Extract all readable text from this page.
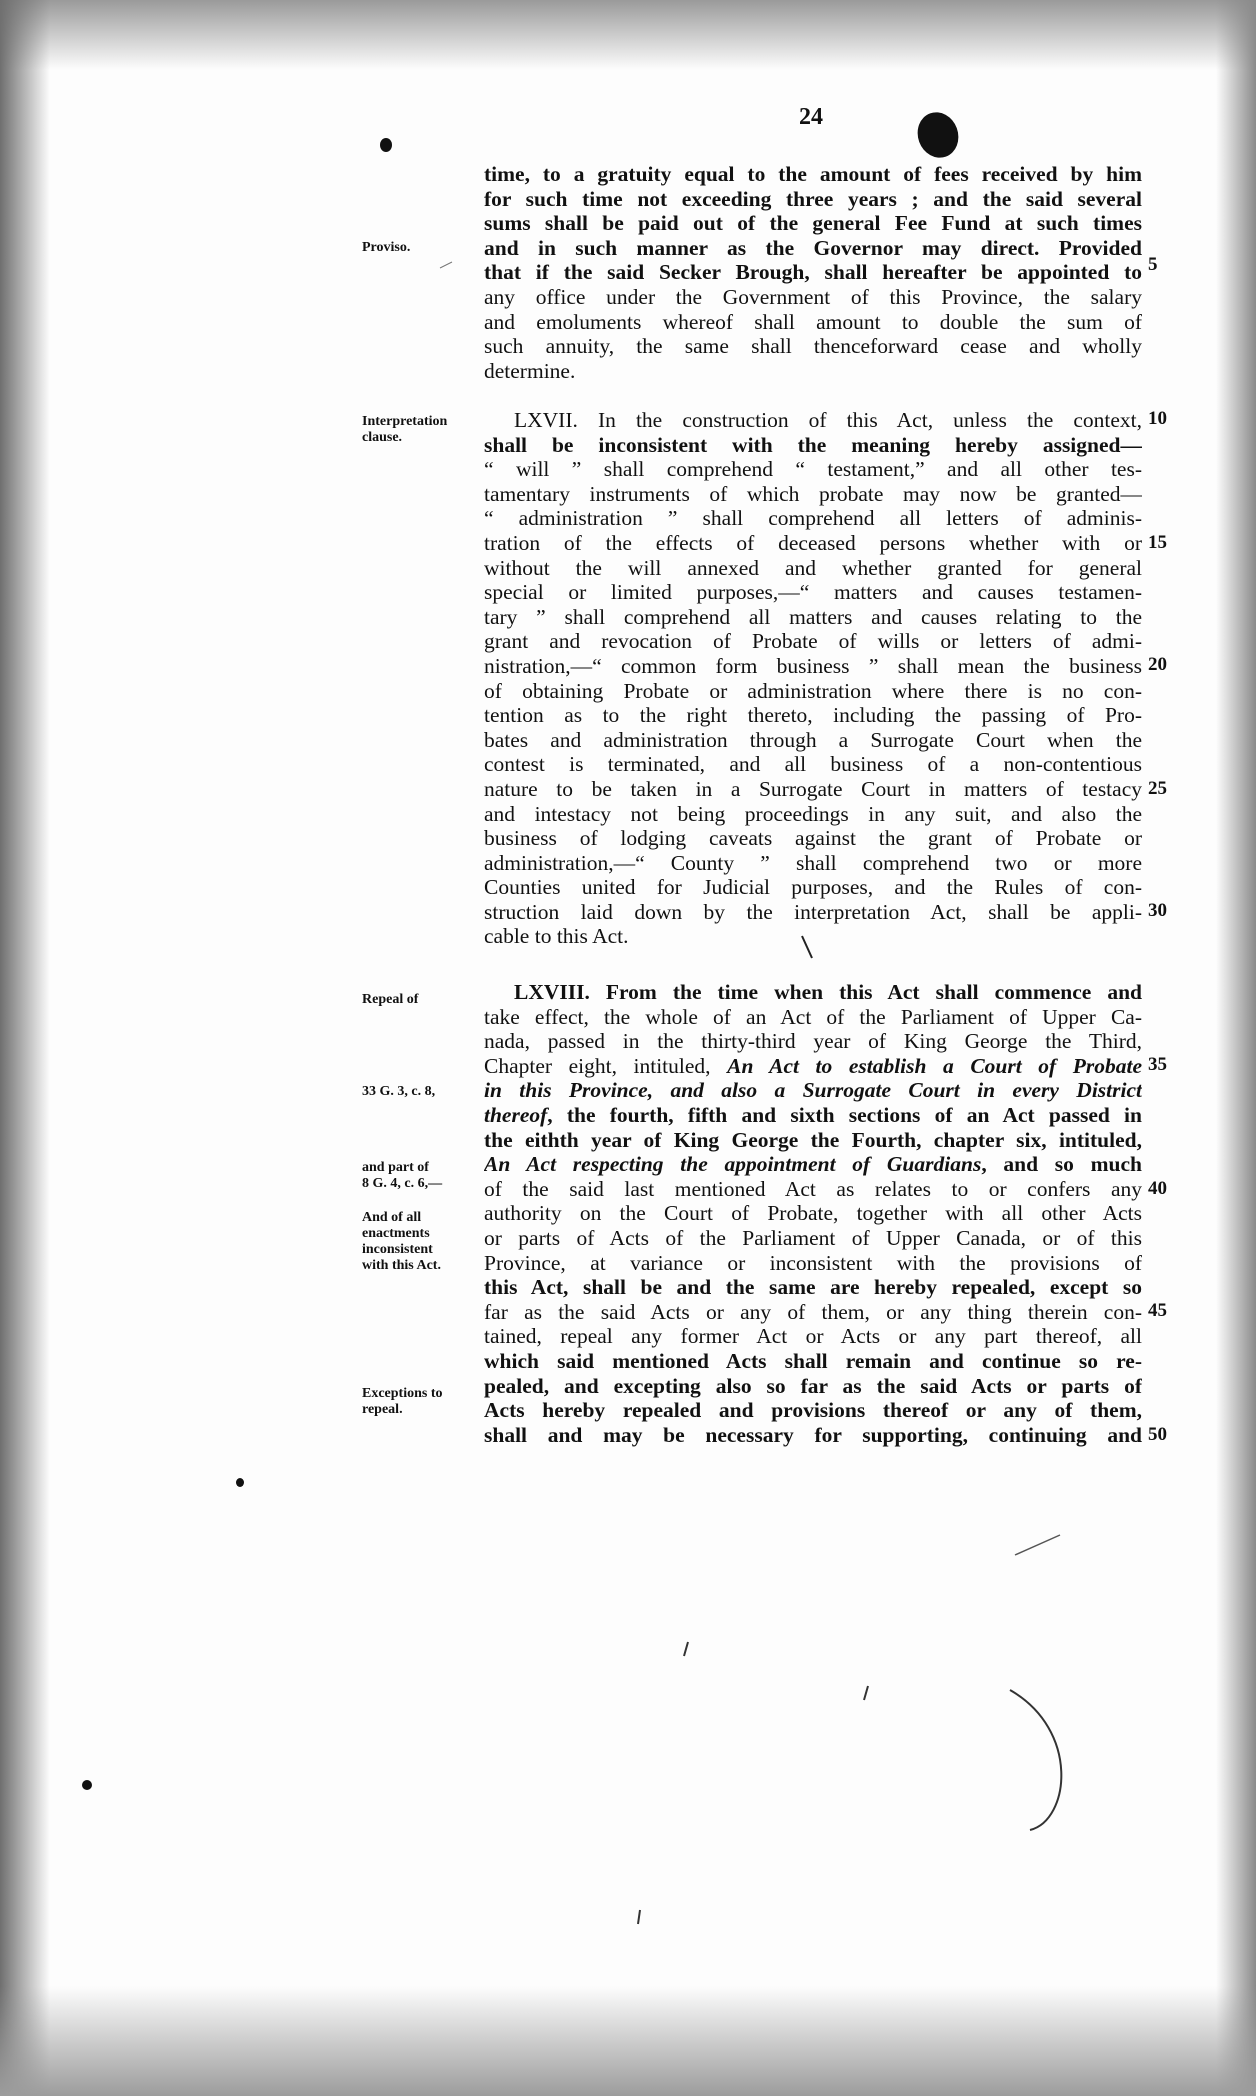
24
time, to a gratuity equal to the amount of fees received by him
for such time not exceeding three years ; and the said several
sums shall be paid out of the general Fee Fund at such times
and in such manner as the Governor may direct. Provided
that if the said Secker Brough, shall hereafter be appointed to
any office under the Government of this Province, the salary
and emoluments whereof shall amount to double the sum of
such annuity, the same shall thenceforward cease and wholly
determine.
LXVII. In the construction of this Act, unless the context,
shall be inconsistent with the meaning hereby assigned—
“ will ” shall comprehend “ testament,” and all other tes-
tamentary instruments of which probate may now be granted—
“ administration ” shall comprehend all letters of adminis-
tration of the effects of deceased persons whether with or
without the will annexed and whether granted for general
special or limited purposes,—“ matters and causes testamen-
tary ” shall comprehend all matters and causes relating to the
grant and revocation of Probate of wills or letters of admi-
nistration,—“ common form business ” shall mean the business
of obtaining Probate or administration where there is no con-
tention as to the right thereto, including the passing of Pro-
bates and administration through a Surrogate Court when the
contest is terminated, and all business of a non-contentious
nature to be taken in a Surrogate Court in matters of testacy
and intestacy not being proceedings in any suit, and also the
business of lodging caveats against the grant of Probate or
administration,—“ County ” shall comprehend two or more
Counties united for Judicial purposes, and the Rules of con-
struction laid down by the interpretation Act, shall be appli-
cable to this Act.
LXVIII. From the time when this Act shall commence and
take effect, the whole of an Act of the Parliament of Upper Ca-
nada, passed in the thirty-third year of King George the Third,
Chapter eight, intituled, An Act to establish a Court of Probate
in this Province, and also a Surrogate Court in every District
thereof, the fourth, fifth and sixth sections of an Act passed in
the eithth year of King George the Fourth, chapter six, intituled,
An Act respecting the appointment of Guardians, and so much
of the said last mentioned Act as relates to or confers any
authority on the Court of Probate, together with all other Acts
or parts of Acts of the Parliament of Upper Canada, or of this
Province, at variance or inconsistent with the provisions of
this Act, shall be and the same are hereby repealed, except so
far as the said Acts or any of them, or any thing therein con-
tained, repeal any former Act or Acts or any part thereof, all
which said mentioned Acts shall remain and continue so re-
pealed, and excepting also so far as the said Acts or parts of
Acts hereby repealed and provisions thereof or any of them,
shall and may be necessary for supporting, continuing and
Proviso.
Interpretation
clause.
Repeal of
33 G. 3, c. 8,
and part of
8 G. 4, c. 6,—
And of all
enactments
inconsistent
with this Act.
Exceptions to
repeal.
5
10
15
20
25
30
35
40
45
50
